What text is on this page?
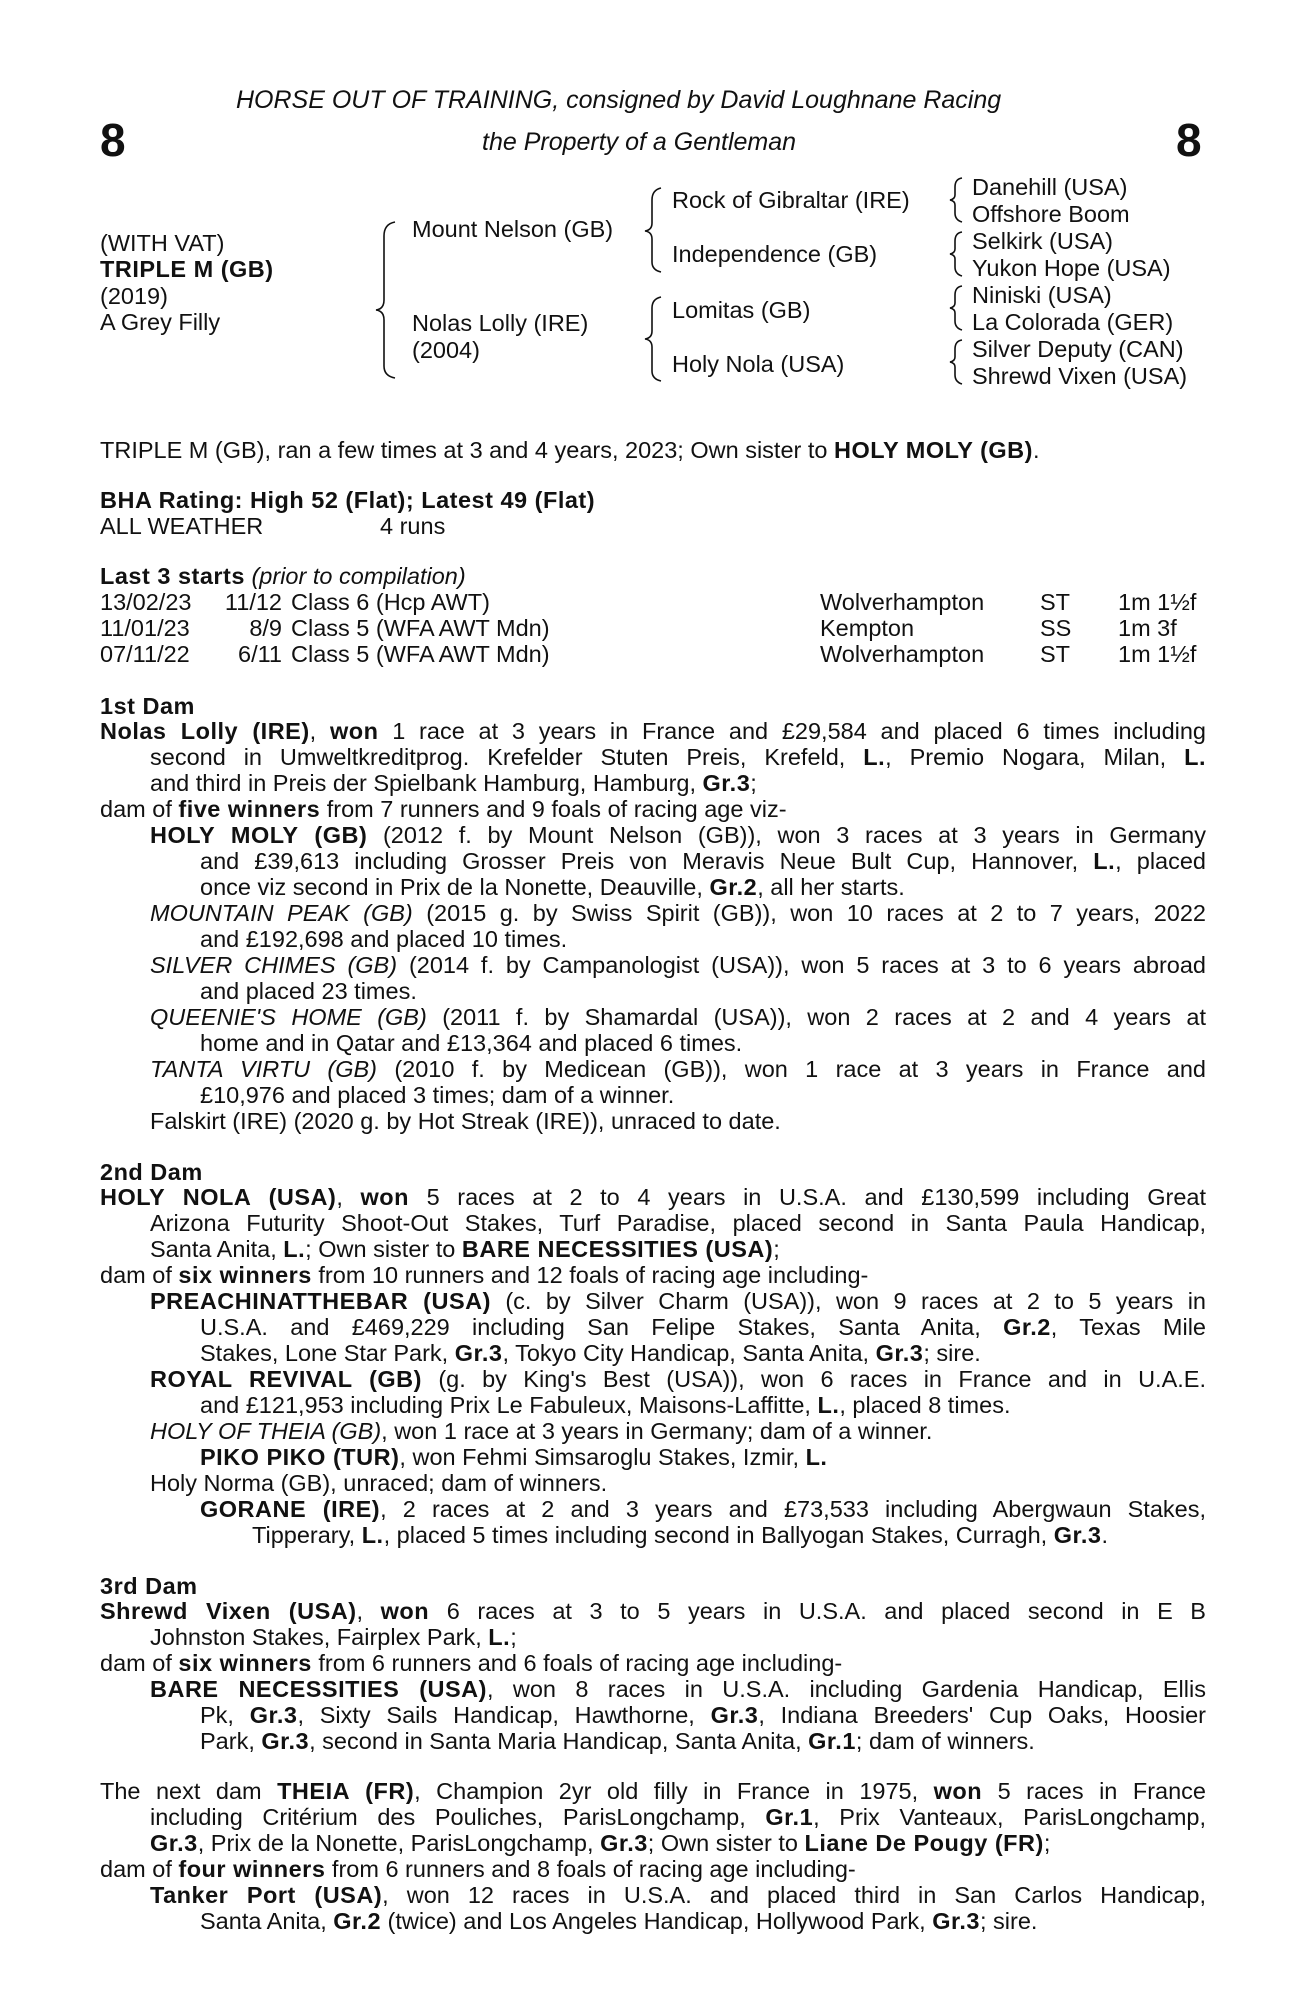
HORSE OUT OF TRAINING, consigned by David Loughnane Racing
the Property of a Gentleman
8	8
(WITH VAT)
TRIPLE M (GB)
(2019)
A Grey Filly
Mount Nelson (GB)
Nolas Lolly (IRE)
(2004)
Rock of Gibraltar (IRE)
Independence (GB)
Lomitas (GB)
Holy Nola (USA)
Danehill (USA)
Offshore Boom
Selkirk (USA)
Yukon Hope (USA)
Niniski (USA)
La Colorada (GER)
Silver Deputy (CAN)
Shrewd Vixen (USA)
TRIPLE M (GB), ran a few times at 3 and 4 years, 2023; Own sister to HOLY MOLY (GB).
BHA Rating: High 52 (Flat); Latest 49 (Flat)
ALL WEATHER	4 runs
Last 3 starts (prior to compilation)
13/02/23 11/12 Class 6 (Hcp AWT)	Wolverhampton ST 1m 1½f
11/01/23	8/9 Class 5 (WFA AWT Mdn)	Kempton	SS 1m 3f
07/11/22 6/11 Class 5 (WFA AWT Mdn)	Wolverhampton ST 1m 1½f
1st Dam
Nolas Lolly (IRE), won 1 race at 3 years in France and £29,584 and placed 6 times including
second in Umweltkreditprog. Krefelder Stuten Preis, Krefeld, L., Premio Nogara, Milan, L.
and third in Preis der Spielbank Hamburg, Hamburg, Gr.3;
dam of five winners from 7 runners and 9 foals of racing age viz-
HOLY MOLY (GB) (2012 f. by Mount Nelson (GB)), won 3 races at 3 years in Germany
and £39,613 including Grosser Preis von Meravis Neue Bult Cup, Hannover, L., placed
once viz second in Prix de la Nonette, Deauville, Gr.2, all her starts.
MOUNTAIN PEAK (GB) (2015 g. by Swiss Spirit (GB)), won 10 races at 2 to 7 years, 2022
and £192,698 and placed 10 times.
SILVER CHIMES (GB) (2014 f. by Campanologist (USA)), won 5 races at 3 to 6 years abroad
and placed 23 times.
QUEENIE'S HOME (GB) (2011 f. by Shamardal (USA)), won 2 races at 2 and 4 years at
home and in Qatar and £13,364 and placed 6 times.
TANTA VIRTU (GB) (2010 f. by Medicean (GB)), won 1 race at 3 years in France and
£10,976 and placed 3 times; dam of a winner.
Falskirt (IRE) (2020 g. by Hot Streak (IRE)), unraced to date.
2nd Dam
HOLY NOLA (USA), won 5 races at 2 to 4 years in U.S.A. and £130,599 including Great
Arizona Futurity Shoot-Out Stakes, Turf Paradise, placed second in Santa Paula Handicap,
Santa Anita, L.; Own sister to BARE NECESSITIES (USA);
dam of six winners from 10 runners and 12 foals of racing age including-
PREACHINATTHEBAR (USA) (c. by Silver Charm (USA)), won 9 races at 2 to 5 years in
U.S.A. and £469,229 including San Felipe Stakes, Santa Anita, Gr.2, Texas Mile
Stakes, Lone Star Park, Gr.3, Tokyo City Handicap, Santa Anita, Gr.3; sire.
ROYAL REVIVAL (GB) (g. by King's Best (USA)), won 6 races in France and in U.A.E.
and £121,953 including Prix Le Fabuleux, Maisons-Laffitte, L., placed 8 times.
HOLY OF THEIA (GB), won 1 race at 3 years in Germany; dam of a winner.
PIKO PIKO (TUR), won Fehmi Simsaroglu Stakes, Izmir, L.
Holy Norma (GB), unraced; dam of winners.
GORANE (IRE), 2 races at 2 and 3 years and £73,533 including Abergwaun Stakes,
Tipperary, L., placed 5 times including second in Ballyogan Stakes, Curragh, Gr.3.
3rd Dam
Shrewd Vixen (USA), won 6 races at 3 to 5 years in U.S.A. and placed second in E B
Johnston Stakes, Fairplex Park, L.;
dam of six winners from 6 runners and 6 foals of racing age including-
BARE NECESSITIES (USA), won 8 races in U.S.A. including Gardenia Handicap, Ellis
Pk, Gr.3, Sixty Sails Handicap, Hawthorne, Gr.3, Indiana Breeders' Cup Oaks, Hoosier
Park, Gr.3, second in Santa Maria Handicap, Santa Anita, Gr.1; dam of winners.
The next dam THEIA (FR), Champion 2yr old filly in France in 1975, won 5 races in France
including Critérium des Pouliches, ParisLongchamp, Gr.1, Prix Vanteaux, ParisLongchamp,
Gr.3, Prix de la Nonette, ParisLongchamp, Gr.3; Own sister to Liane De Pougy (FR);
dam of four winners from 6 runners and 8 foals of racing age including-
Tanker Port (USA), won 12 races in U.S.A. and placed third in San Carlos Handicap,
Santa Anita, Gr.2 (twice) and Los Angeles Handicap, Hollywood Park, Gr.3; sire.
